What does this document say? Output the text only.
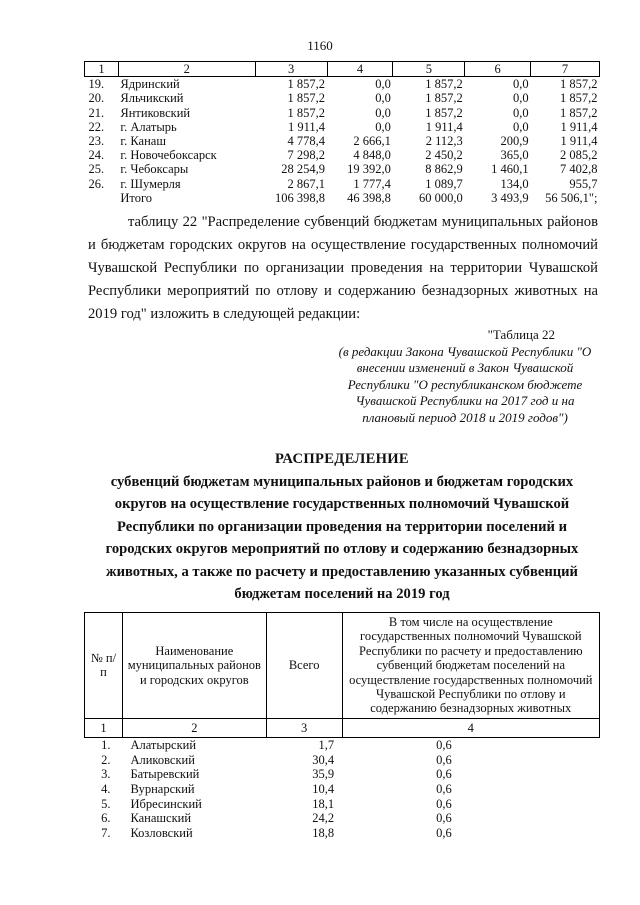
1160
1	2	3	4	5	6	7
19.	Ядринский	1 857,2	0,0	1 857,2	0,0	1 857,2
20.	Яльчикский	1 857,2	0,0	1 857,2	0,0	1 857,2
21.	Янтиковский	1 857,2	0,0	1 857,2	0,0	1 857,2
22.	г. Алатырь	1 911,4	0,0	1 911,4	0,0	1 911,4
23.	г. Канаш	4 778,4	2 666,1	2 112,3	200,9	1 911,4
24.	г. Новочебоксарск	7 298,2	4 848,0	2 450,2	365,0	2 085,2
25.	г. Чебоксары	28 254,9	19 392,0	8 862,9	1 460,1	7 402,8
26.	г. Шумерля	2 867,1	1 777,4	1 089,7	134,0	955,7
	Итого	106 398,8	46 398,8	60 000,0	3 493,9	56 506,1";

таблицу 22 "Распределение субвенций бюджетам муниципальных районов и бюджетам городских округов на осуществление государственных полномочий Чувашской Республики по организации проведения на территории Чувашской Республики мероприятий по отлову и содержанию безнадзорных животных на 2019 год" изложить в следующей редакции:

"Таблица 22
(в редакции Закона Чувашской Республики "О внесении изменений в Закон Чувашской Республики "О республиканском бюджете Чувашской Республики на 2017 год и на плановый период 2018 и 2019 годов")
РАСПРЕДЕЛЕНИЕ
субвенций бюджетам муниципальных районов и бюджетам городских округов на осуществление государственных полномочий Чувашской Республики по организации проведения на территории поселений и городских округов мероприятий по отлову и содержанию безнадзорных животных, а также по расчету и предоставлению указанных субвенций бюджетам поселений на 2019 год
№ п/п	Наименование муниципальных районов и городских округов	Всего	В том числе на осуществление государственных полномочий Чувашской Республики по расчету и предоставлению субвенций бюджетам поселений на осуществление государственных полномочий Чувашской Республики по отлову и содержанию безнадзорных животных
1	2	3	4
1.	Алатырский	1,7	0,6
2.	Аликовский	30,4	0,6
3.	Батыревский	35,9	0,6
4.	Вурнарский	10,4	0,6
5.	Ибресинский	18,1	0,6
6.	Канашский	24,2	0,6
7.	Козловский	18,8	0,6
